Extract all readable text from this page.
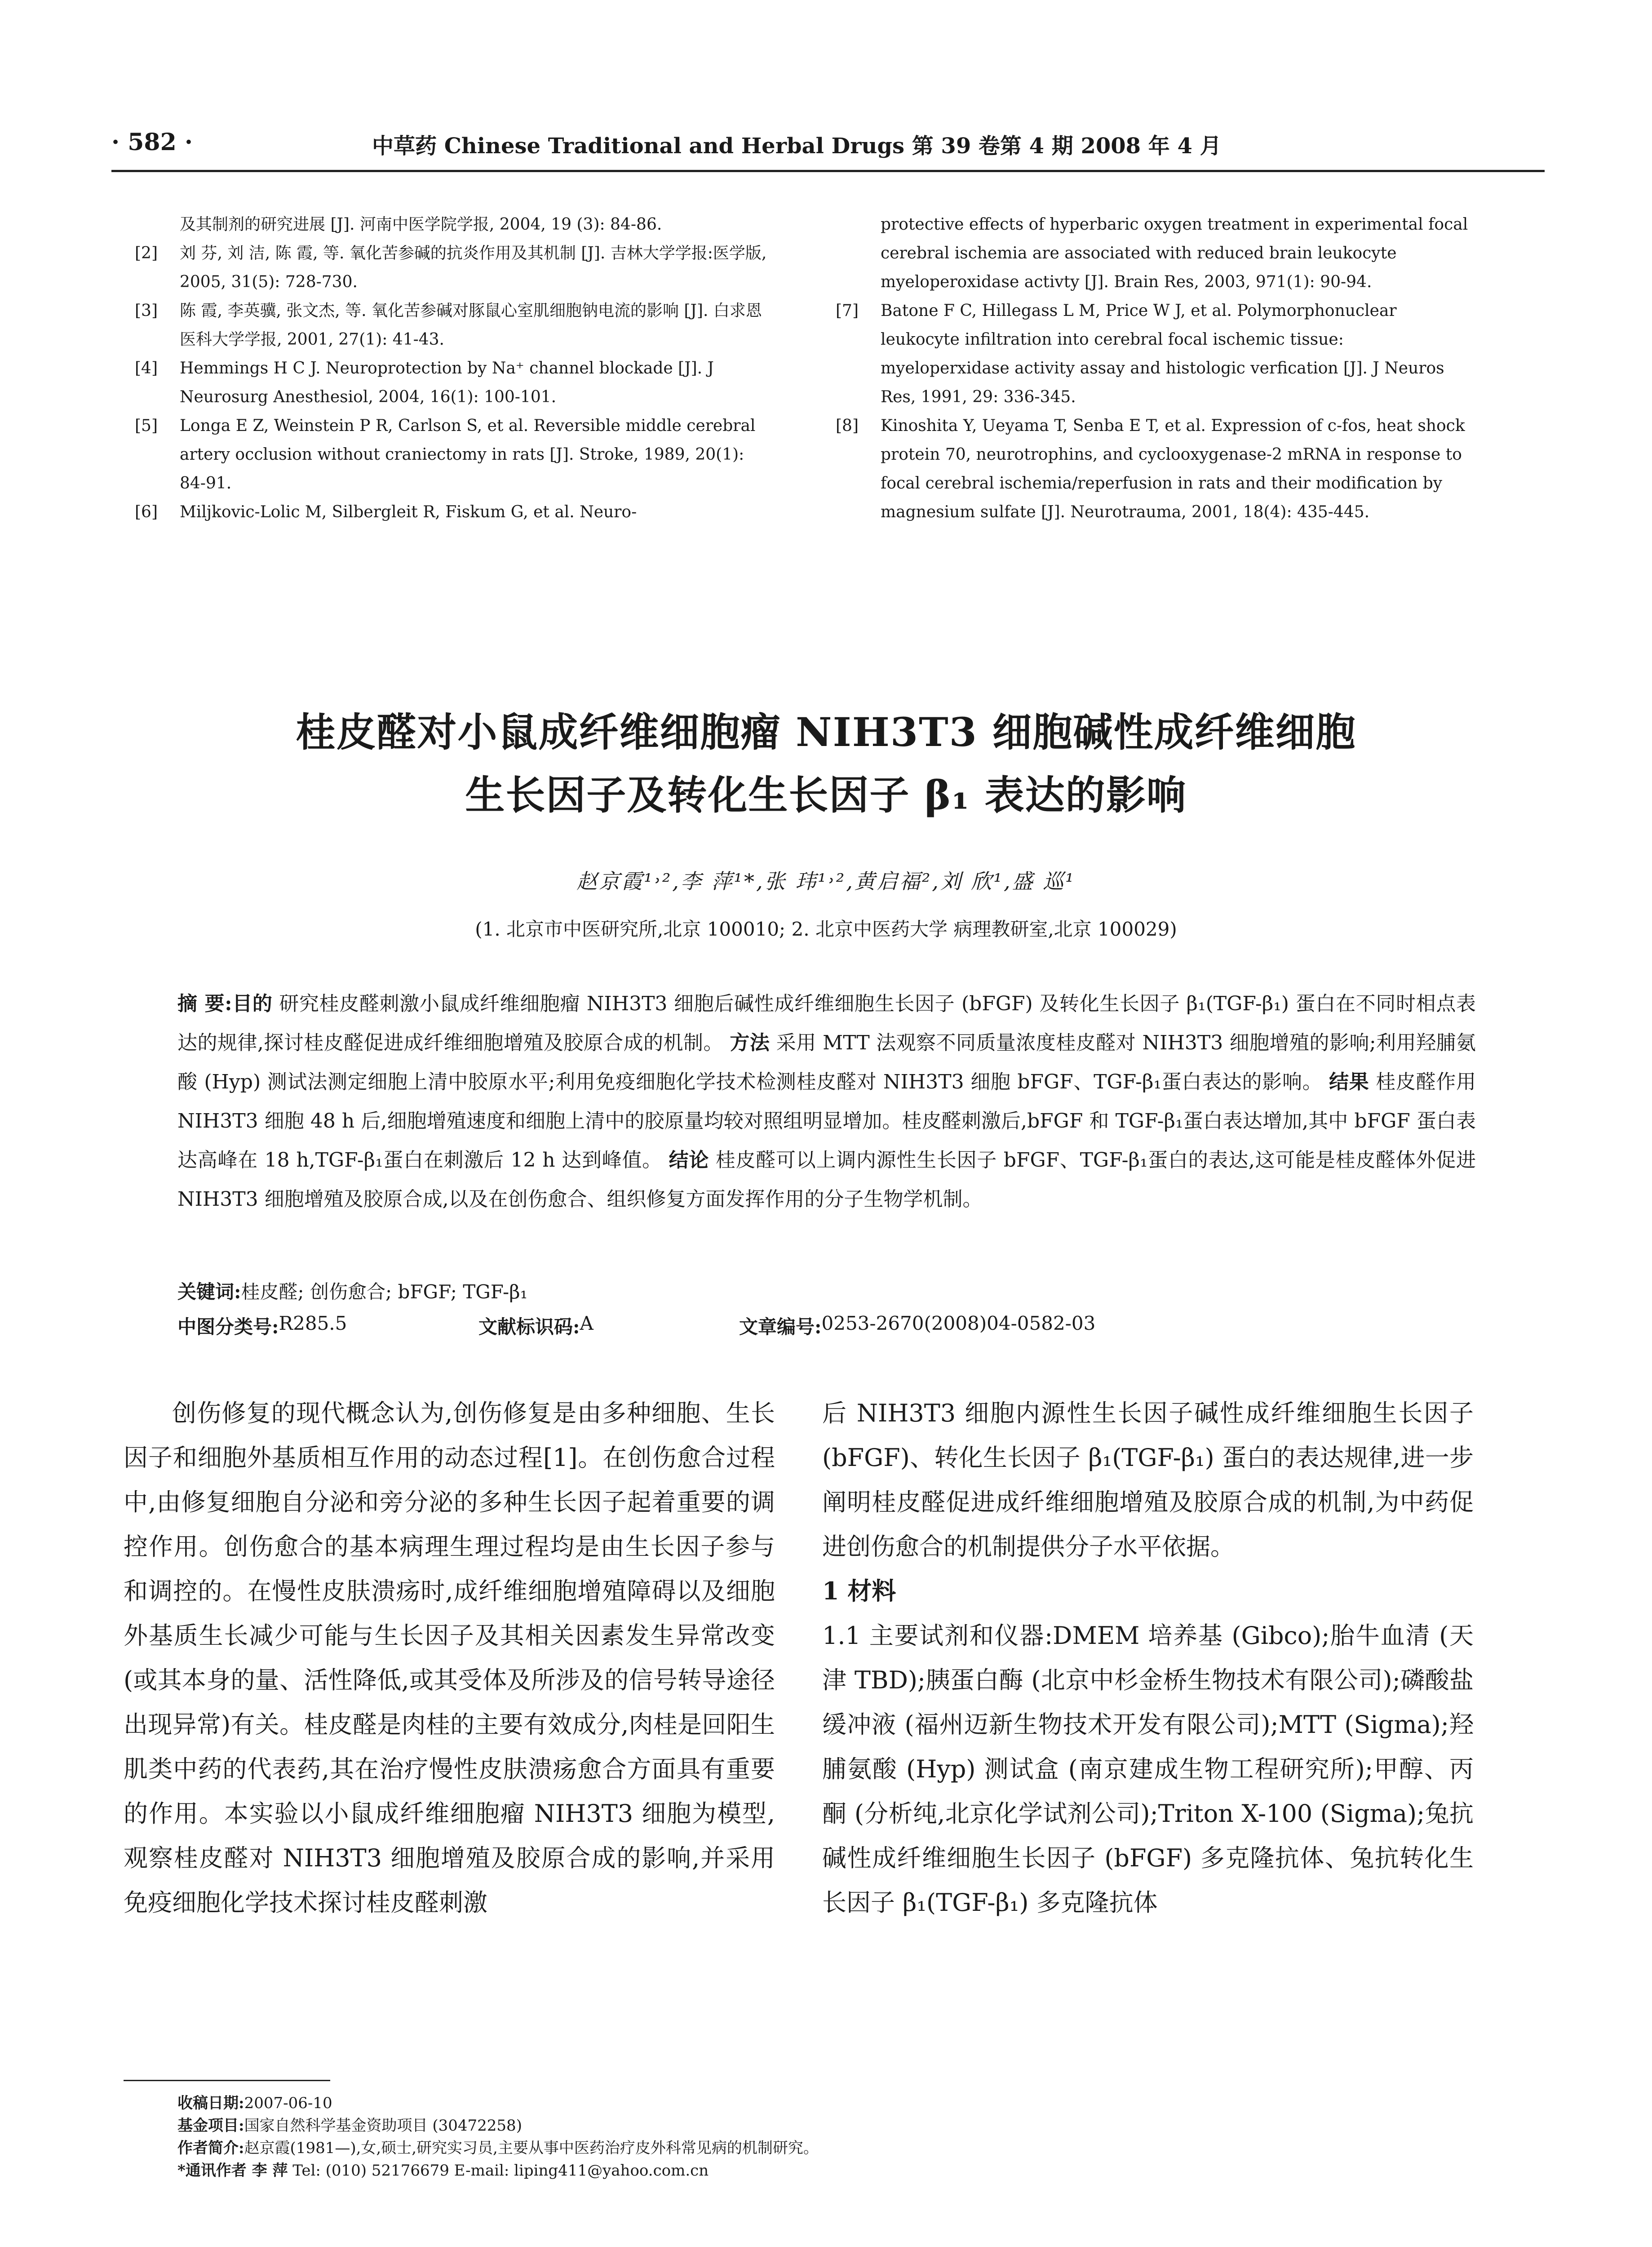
· 582 ·	中草药 Chinese Traditional and Herbal Drugs 第 39 卷第 4 期 2008 年 4 月
及其制剂的研究进展 [J]. 河南中医学院学报, 2004, 19 (3): 84-86.
[2] 刘 芬, 刘 洁, 陈 霞, 等. 氧化苦参碱的抗炎作用及其机制 [J]. 吉林大学学报:医学版, 2005, 31(5): 728-730.
[3] 陈 霞, 李英骥, 张文杰, 等. 氧化苦参碱对豚鼠心室肌细胞钠电流的影响 [J]. 白求恩医科大学学报, 2001, 27(1): 41-43.
[4] Hemmings H C J. Neuroprotection by Na⁺ channel blockade [J]. J Neurosurg Anesthesiol, 2004, 16(1): 100-101.
[5] Longa E Z, Weinstein P R, Carlson S, et al. Reversible middle cerebral artery occlusion without craniectomy in rats [J]. Stroke, 1989, 20(1): 84-91.
[6] Miljkovic-Lolic M, Silbergleit R, Fiskum G, et al. Neuro-
protective effects of hyperbaric oxygen treatment in experimental focal cerebral ischemia are associated with reduced brain leukocyte myeloperoxidase activty [J]. Brain Res, 2003, 971(1): 90-94.
[7] Batone F C, Hillegass L M, Price W J, et al. Polymorphonuclear leukocyte infiltration into cerebral focal ischemic tissue: myeloperxidase activity assay and histologic verfication [J]. J Neuros Res, 1991, 29: 336-345.
[8] Kinoshita Y, Ueyama T, Senba E T, et al. Expression of c-fos, heat shock protein 70, neurotrophins, and cyclooxygenase-2 mRNA in response to focal cerebral ischemia/reperfusion in rats and their modification by magnesium sulfate [J]. Neurotrauma, 2001, 18(4): 435-445.
桂皮醛对小鼠成纤维细胞瘤 NIH3T3 细胞碱性成纤维细胞
生长因子及转化生长因子 β₁ 表达的影响
赵京霞¹˒²,李 萍¹*,张 玮¹˒²,黄启福²,刘 欣¹,盛 巡¹
(1. 北京市中医研究所,北京 100010; 2. 北京中医药大学 病理教研室,北京 100029)
摘 要:目的 研究桂皮醛刺激小鼠成纤维细胞瘤 NIH3T3 细胞后碱性成纤维细胞生长因子 (bFGF) 及转化生长因子 β₁(TGF-β₁) 蛋白在不同时相点表达的规律,探讨桂皮醛促进成纤维细胞增殖及胶原合成的机制。 方法 采用 MTT 法观察不同质量浓度桂皮醛对 NIH3T3 细胞增殖的影响;利用羟脯氨酸 (Hyp) 测试法测定细胞上清中胶原水平;利用免疫细胞化学技术检测桂皮醛对 NIH3T3 细胞 bFGF、TGF-β₁蛋白表达的影响。 结果 桂皮醛作用 NIH3T3 细胞 48 h 后,细胞增殖速度和细胞上清中的胶原量均较对照组明显增加。桂皮醛刺激后,bFGF 和 TGF-β₁蛋白表达增加,其中 bFGF 蛋白表达高峰在 18 h,TGF-β₁蛋白在刺激后 12 h 达到峰值。 结论 桂皮醛可以上调内源性生长因子 bFGF、TGF-β₁蛋白的表达,这可能是桂皮醛体外促进 NIH3T3 细胞增殖及胶原合成,以及在创伤愈合、组织修复方面发挥作用的分子生物学机制。
关键词:桂皮醛; 创伤愈合; bFGF; TGF-β₁
中图分类号: R285.5	文献标识码: A	文章编号: 0253-2670(2008)04-0582-03

创伤修复的现代概念认为,创伤修复是由多种细胞、生长因子和细胞外基质相互作用的动态过程[1]。在创伤愈合过程中,由修复细胞自分泌和旁分泌的多种生长因子起着重要的调控作用。创伤愈合的基本病理生理过程均是由生长因子参与和调控的。在慢性皮肤溃疡时,成纤维细胞增殖障碍以及细胞外基质生长减少可能与生长因子及其相关因素发生异常改变(或其本身的量、活性降低,或其受体及所涉及的信号转导途径出现异常)有关。桂皮醛是肉桂的主要有效成分,肉桂是回阳生肌类中药的代表药,其在治疗慢性皮肤溃疡愈合方面具有重要的作用。本实验以小鼠成纤维细胞瘤 NIH3T3 细胞为模型,观察桂皮醛对 NIH3T3 细胞增殖及胶原合成的影响,并采用免疫细胞化学技术探讨桂皮醛刺激

后 NIH3T3 细胞内源性生长因子碱性成纤维细胞生长因子 (bFGF)、转化生长因子 β₁(TGF-β₁) 蛋白的表达规律,进一步阐明桂皮醛促进成纤维细胞增殖及胶原合成的机制,为中药促进创伤愈合的机制提供分子水平依据。

1 材料

1.1 主要试剂和仪器:DMEM 培养基 (Gibco);胎牛血清 (天津 TBD);胰蛋白酶 (北京中杉金桥生物技术有限公司);磷酸盐缓冲液 (福州迈新生物技术开发有限公司);MTT (Sigma);羟脯氨酸 (Hyp) 测试盒 (南京建成生物工程研究所);甲醇、丙酮 (分析纯,北京化学试剂公司);Triton X-100 (Sigma);兔抗碱性成纤维细胞生长因子 (bFGF) 多克隆抗体、兔抗转化生长因子 β₁(TGF-β₁) 多克隆抗体

收稿日期:2007-06-10
基金项目:国家自然科学基金资助项目 (30472258)
作者简介:赵京霞(1981—),女,硕士,研究实习员,主要从事中医药治疗皮外科常见病的机制研究。
*通讯作者 李 萍 Tel: (010) 52176679 E-mail: liping411@yahoo.com.cn
